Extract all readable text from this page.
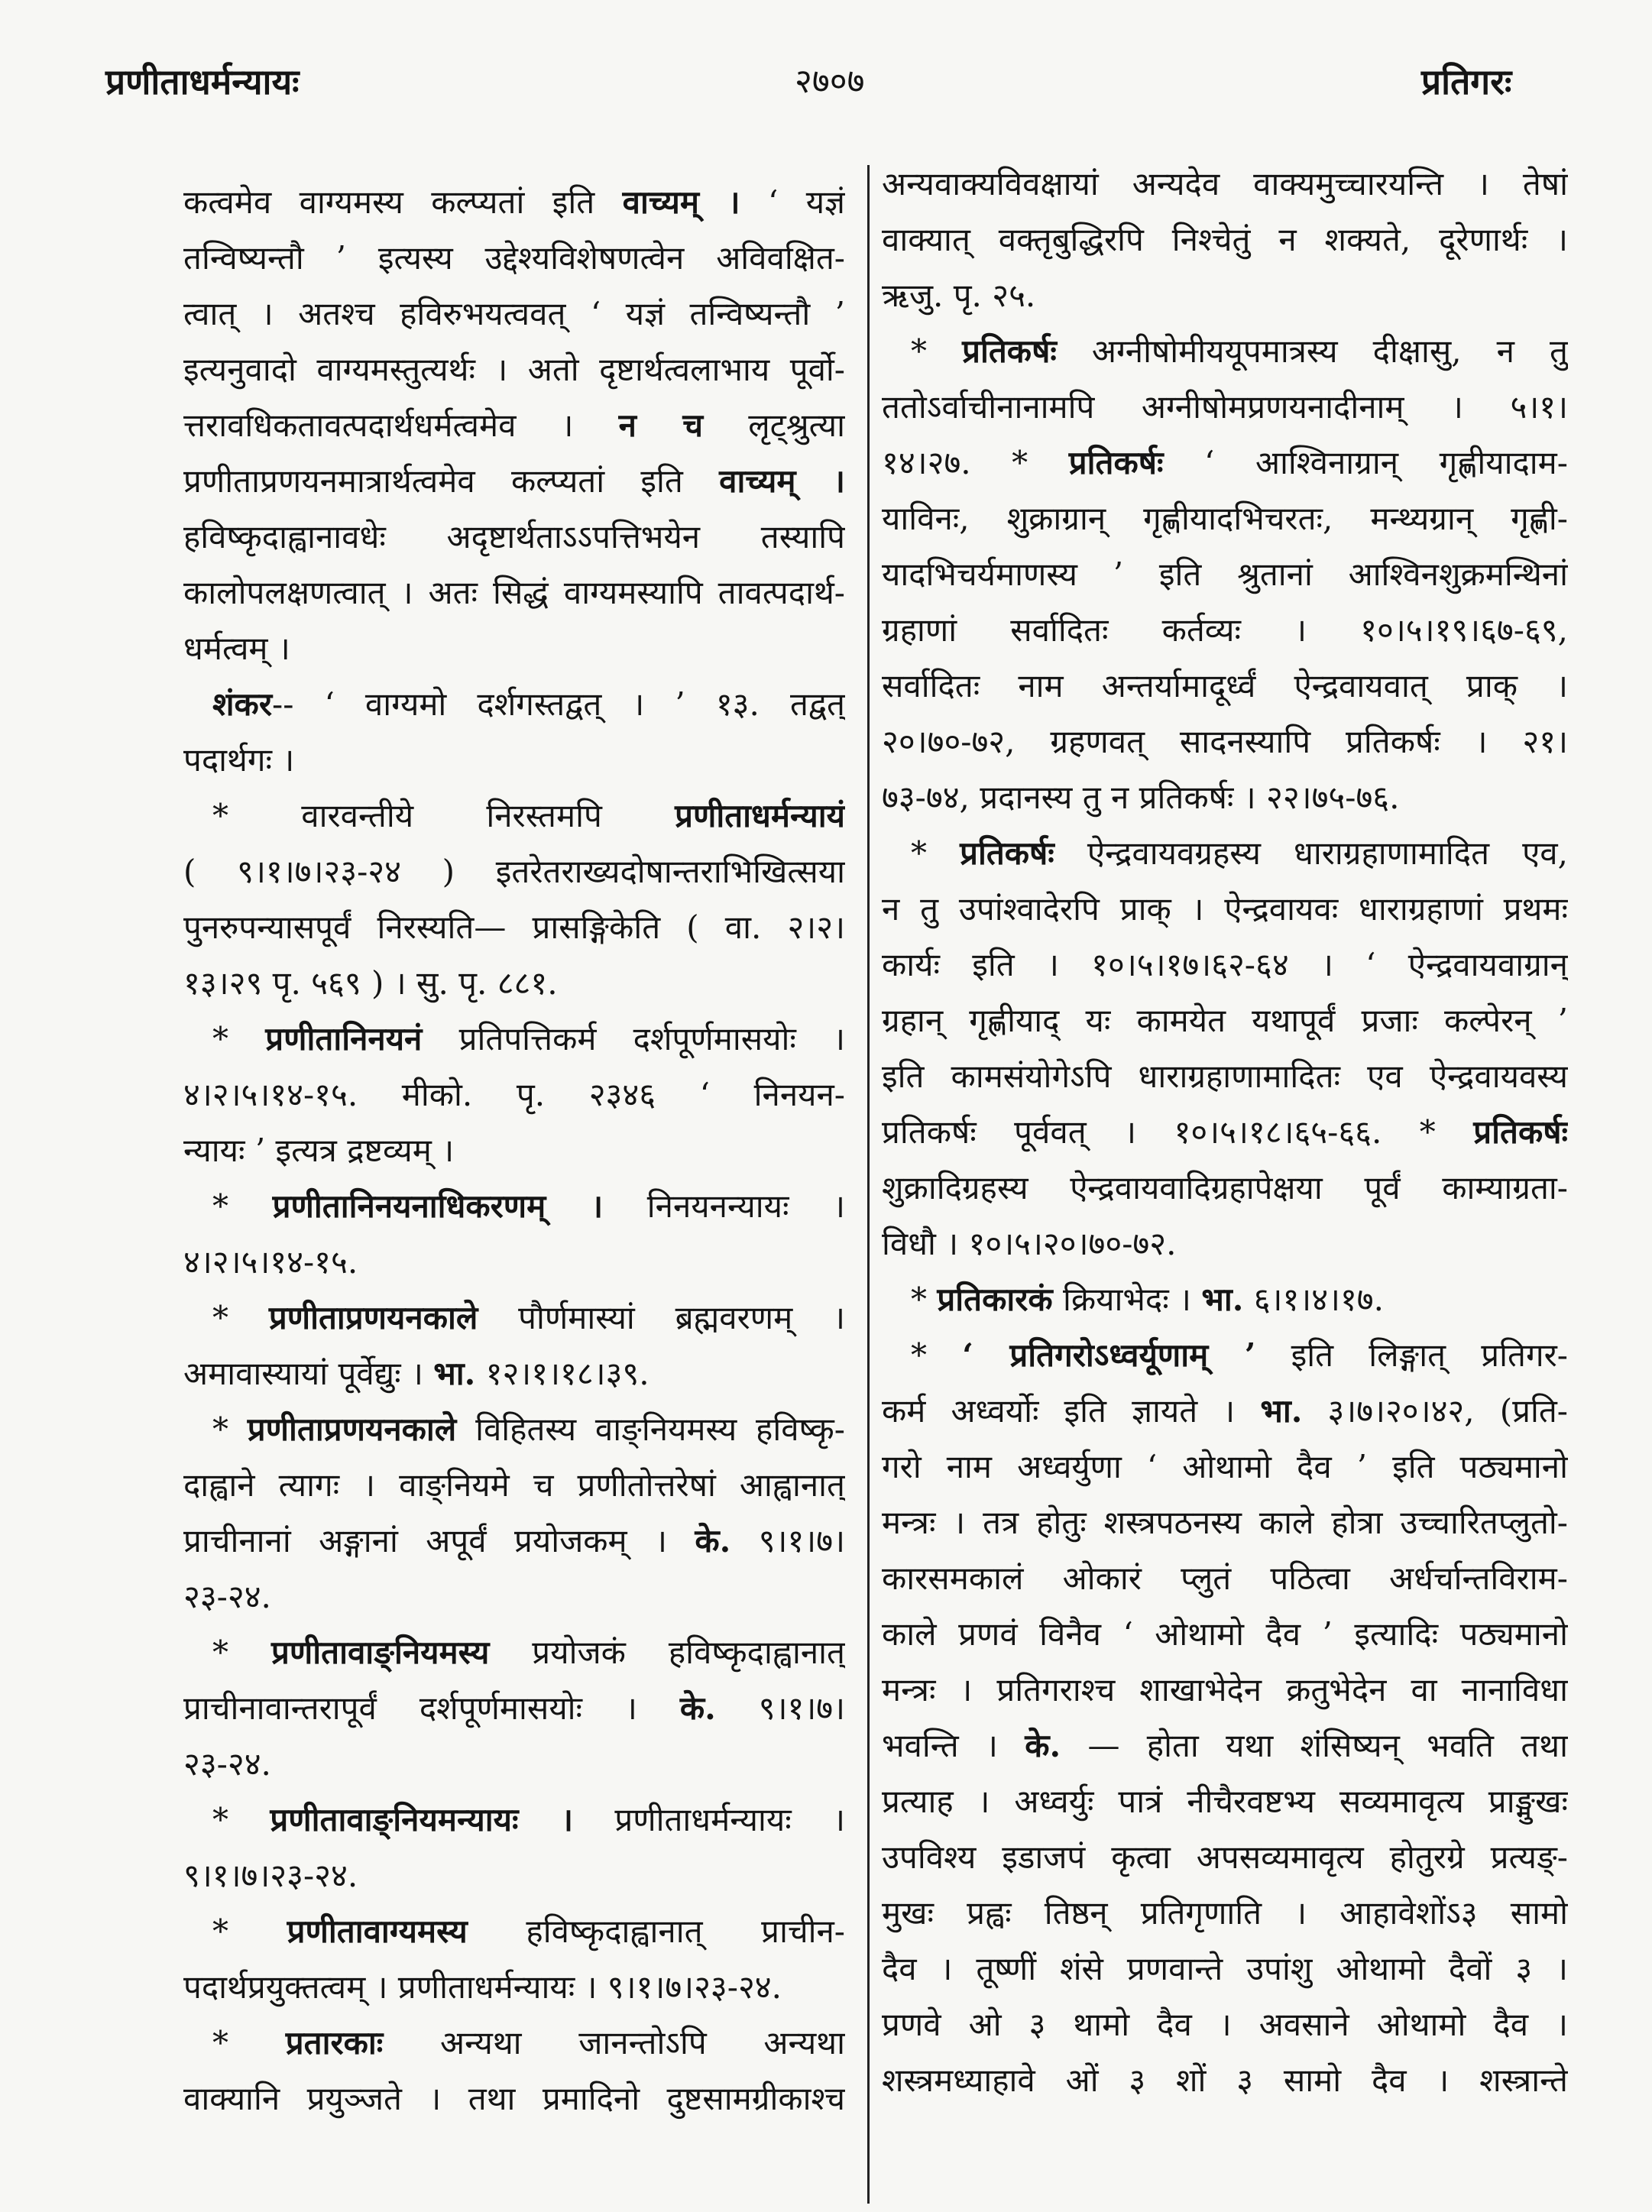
प्रणीताधर्मन्यायः	२७०७	प्रतिगरः
कत्वमेव वाग्यमस्य कल्प्यतां इति वाच्यम् । ‘ यज्ञं
तन्विष्यन्तौ ’ इत्यस्य उद्देश्यविशेषणत्वेन अविवक्षित-
त्वात् । अतश्च हविरुभयत्ववत् ‘ यज्ञं तन्विष्यन्तौ ’
इत्यनुवादो वाग्यमस्तुत्यर्थः । अतो दृष्टार्थत्वलाभाय पूर्वो-
त्तरावधिकतावत्पदार्थधर्मत्वमेव । न च लृट्श्रुत्या
प्रणीताप्रणयनमात्रार्थत्वमेव कल्प्यतां इति वाच्यम् ।
हविष्कृदाह्वानावधेः अदृष्टार्थताऽऽपत्तिभयेन तस्यापि
कालोपलक्षणत्वात् । अतः सिद्धं वाग्यमस्यापि तावत्पदार्थ-
धर्मत्वम् ।
शंकर-- ‘ वाग्यमो दर्शगस्तद्वत् । ’ १३. तद्वत्
पदार्थगः ।
* वारवन्तीये निरस्तमपि प्रणीताधर्मन्यायं
( ९।१।७।२३-२४ ) इतरेतराख्यदोषान्तराभिखित्सया
पुनरुपन्यासपूर्वं निरस्यति— प्रासङ्गिकेति ( वा. २।२।
१३।२९ पृ. ५६९ ) । सु. पृ. ८८१.
* प्रणीतानिनयनं प्रतिपत्तिकर्म दर्शपूर्णमासयोः ।
४।२।५।१४-१५. मीको. पृ. २३४६ ‘ निनयन-
न्यायः ’ इत्यत्र द्रष्टव्यम् ।
* प्रणीतानिनयनाधिकरणम् । निनयनन्यायः ।
४।२।५।१४-१५.
* प्रणीताप्रणयनकाले पौर्णमास्यां ब्रह्मवरणम् ।
अमावास्यायां पूर्वेद्युः । भा. १२।१।१८।३९.
* प्रणीताप्रणयनकाले विहितस्य वाङ्नियमस्य हविष्कृ-
दाह्वाने त्यागः । वाङ्नियमे च प्रणीतोत्तरेषां आह्वानात्
प्राचीनानां अङ्गानां अपूर्वं प्रयोजकम् । के. ९।१।७।
२३-२४.
* प्रणीतावाङ्नियमस्य प्रयोजकं हविष्कृदाह्वानात्
प्राचीनावान्तरापूर्वं दर्शपूर्णमासयोः । के. ९।१।७।
२३-२४.
* प्रणीतावाङ्नियमन्यायः । प्रणीताधर्मन्यायः ।
९।१।७।२३-२४.
* प्रणीतावाग्यमस्य हविष्कृदाह्वानात् प्राचीन-
पदार्थप्रयुक्तत्वम् । प्रणीताधर्मन्यायः । ९।१।७।२३-२४.
* प्रतारकाः अन्यथा जानन्तोऽपि अन्यथा
वाक्यानि प्रयुञ्जते । तथा प्रमादिनो दुष्टसामग्रीकाश्च
अन्यवाक्यविवक्षायां अन्यदेव वाक्यमुच्चारयन्ति । तेषां
वाक्यात् वक्तृबुद्धिरपि निश्चेतुं न शक्यते, दूरेणार्थः ।
ऋजु. पृ. २५.
* प्रतिकर्षः अग्नीषोमीययूपमात्रस्य दीक्षासु, न तु
ततोऽर्वाचीनानामपि अग्नीषोमप्रणयनादीनाम् । ५।१।
१४।२७. * प्रतिकर्षः ‘ आश्विनाग्रान् गृह्णीयादाम-
याविनः, शुक्राग्रान् गृह्णीयादभिचरतः, मन्थ्यग्रान् गृह्णी-
यादभिचर्यमाणस्य ’ इति श्रुतानां आश्विनशुक्रमन्थिनां
ग्रहाणां सर्वादितः कर्तव्यः । १०।५।१९।६७-६९,
सर्वादितः नाम अन्तर्यामादूर्ध्वं ऐन्द्रवायवात् प्राक् ।
२०।७०-७२, ग्रहणवत् सादनस्यापि प्रतिकर्षः । २१।
७३-७४, प्रदानस्य तु न प्रतिकर्षः । २२।७५-७६.
* प्रतिकर्षः ऐन्द्रवायवग्रहस्य धाराग्रहाणामादित एव,
न तु उपांश्वादेरपि प्राक् । ऐन्द्रवायवः धाराग्रहाणां प्रथमः
कार्यः इति । १०।५।१७।६२-६४ । ‘ ऐन्द्रवायवाग्रान्
ग्रहान् गृह्णीयाद् यः कामयेत यथापूर्वं प्रजाः कल्पेरन् ’
इति कामसंयोगेऽपि धाराग्रहाणामादितः एव ऐन्द्रवायवस्य
प्रतिकर्षः पूर्ववत् । १०।५।१८।६५-६६. * प्रतिकर्षः
शुक्रादिग्रहस्य ऐन्द्रवायवादिग्रहापेक्षया पूर्वं काम्याग्रता-
विधौ । १०।५।२०।७०-७२.
* प्रतिकारकं क्रियाभेदः । भा. ६।१।४।१७.
* ‘ प्रतिगरोऽध्वर्यूणाम् ’ इति लिङ्गात् प्रतिगर-
कर्म अध्वर्योः इति ज्ञायते । भा. ३।७।२०।४२, (प्रति-
गरो नाम अध्वर्युणा ‘ ओथामो दैव ’ इति पठ्यमानो
मन्त्रः । तत्र होतुः शस्त्रपठनस्य काले होत्रा उच्चारितप्लुतो-
कारसमकालं ओकारं प्लुतं पठित्वा अर्धर्चान्तविराम-
काले प्रणवं विनैव ‘ ओथामो दैव ’ इत्यादिः पठ्यमानो
मन्त्रः । प्रतिगराश्च शाखाभेदेन क्रतुभेदेन वा नानाविधा
भवन्ति । के. — होता यथा शंसिष्यन् भवति तथा
प्रत्याह । अध्वर्युः पात्रं नीचैरवष्टभ्य सव्यमावृत्य प्राङ्मुखः
उपविश्य इडाजपं कृत्वा अपसव्यमावृत्य होतुरग्रे प्रत्यङ्-
मुखः प्रह्वः तिष्ठन् प्रतिगृणाति । आहावेशोंऽ३ सामो
दैव । तूष्णीं शंसे प्रणवान्ते उपांशु ओथामो दैवों ३ ।
प्रणवे ओ ३ थामो दैव । अवसाने ओथामो दैव ।
शस्त्रमध्याहावे ओं ३ शों ३ सामो दैव । शस्त्रान्ते
